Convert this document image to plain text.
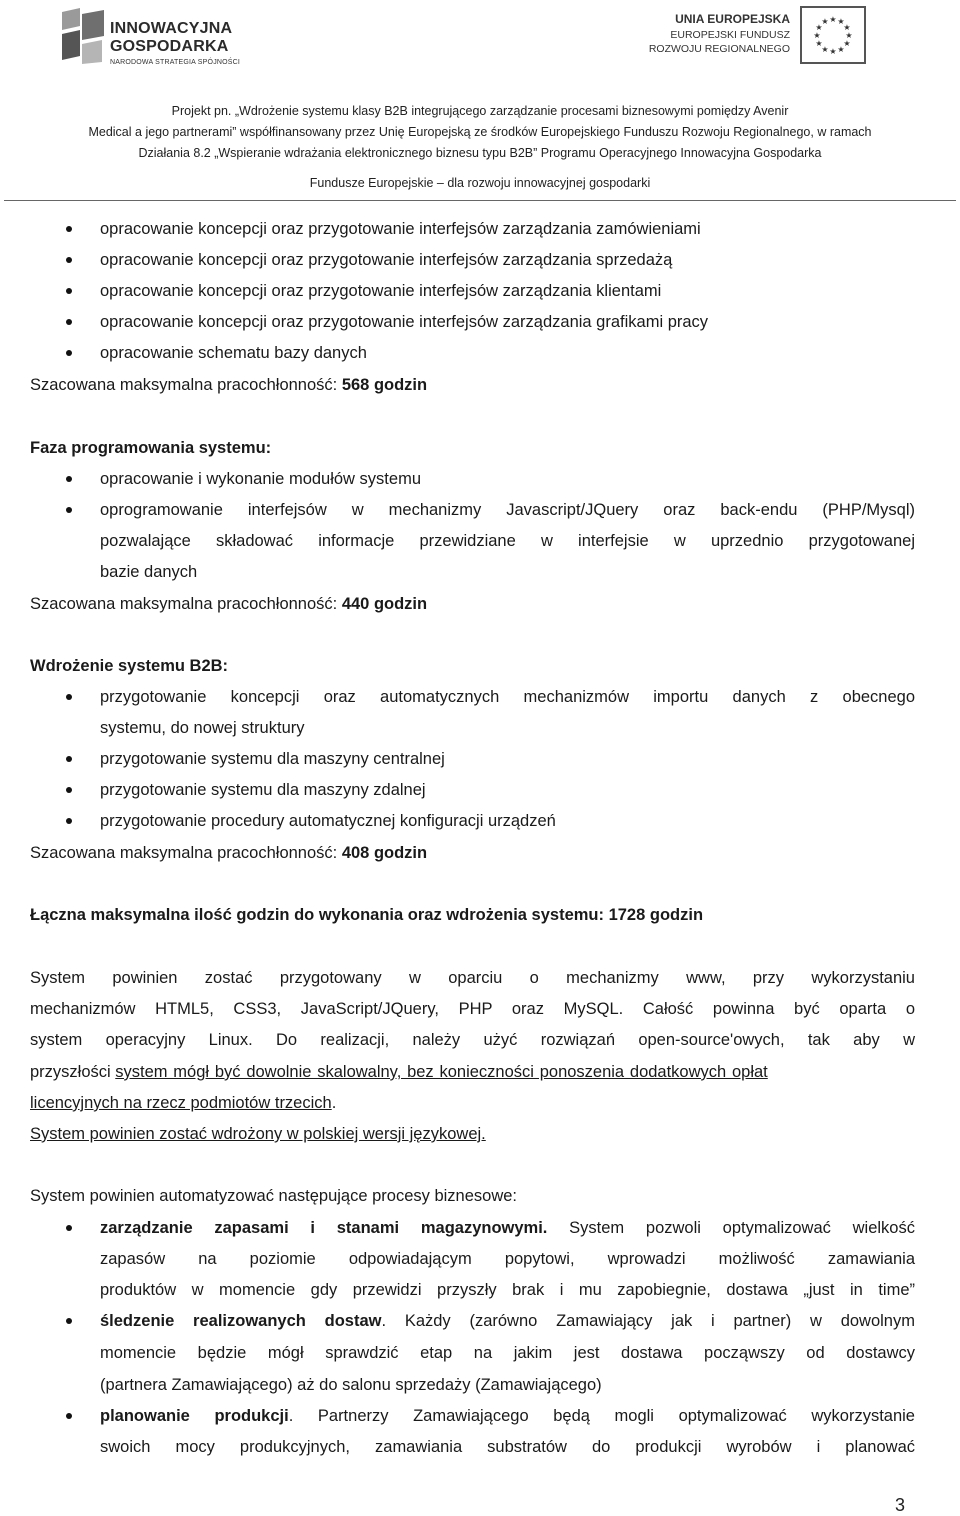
INNOWACYJNA
GOSPODARKA
NARODOWA STRATEGIA SPÓJNOŚCI
UNIA EUROPEJSKA
EUROPEJSKI FUNDUSZ
ROZWOJU REGIONALNEGO
★ ★
★
★
★
★
★
★
★
★
★
★
Projekt pn. „Wdrożenie systemu klasy B2B integrującego zarządzanie procesami biznesowymi pomiędzy Avenir
Medical a jego partnerami” współfinansowany przez Unię Europejską ze środków Europejskiego Funduszu Rozwoju Regionalnego, w ramach
Działania 8.2 „Wspieranie wdrażania elektronicznego biznesu typu B2B” Programu Operacyjnego Innowacyjna Gospodarka
Fundusze Europejskie – dla rozwoju innowacyjnej gospodarki
opracowanie koncepcji oraz przygotowanie interfejsów zarządzania zamówieniami
opracowanie koncepcji oraz przygotowanie interfejsów zarządzania sprzedażą
opracowanie koncepcji oraz przygotowanie interfejsów zarządzania klientami
opracowanie koncepcji oraz przygotowanie interfejsów zarządzania grafikami pracy
opracowanie schematu bazy danych
Szacowana maksymalna pracochłonność: 568 godzin
Faza programowania systemu:
opracowanie i wykonanie modułów systemu
oprogramowanie interfejsów w mechanizmy Javascript/JQuery oraz back-endu (PHP/Mysql)
pozwalające składować informacje przewidziane w interfejsie w uprzednio przygotowanej
bazie danych
Szacowana maksymalna pracochłonność: 440 godzin
Wdrożenie systemu B2B:
przygotowanie koncepcji oraz automatycznych mechanizmów importu danych z obecnego
systemu, do nowej struktury
przygotowanie systemu dla maszyny centralnej
przygotowanie systemu dla maszyny zdalnej
przygotowanie procedury automatycznej konfiguracji urządzeń
Szacowana maksymalna pracochłonność: 408 godzin
Łączna maksymalna ilość godzin do wykonania oraz wdrożenia systemu: 1728 godzin
System powinien zostać przygotowany w oparciu o mechanizmy www, przy wykorzystaniu
mechanizmów HTML5, CSS3, JavaScript/JQuery, PHP oraz MySQL. Całość powinna być oparta o
system operacyjny Linux. Do realizacji, należy użyć rozwiązań open-source'owych, tak aby w
przyszłości system mógł być dowolnie skalowalny, bez konieczności ponoszenia dodatkowych opłat
licencyjnych na rzecz podmiotów trzecich.
System powinien zostać wdrożony w polskiej wersji językowej.
System powinien automatyzować następujące procesy biznesowe:
zarządzanie zapasami i stanami magazynowymi. System pozwoli optymalizować wielkość
zapasów na poziomie odpowiadającym popytowi, wprowadzi możliwość zamawiania
produktów w momencie gdy przewidzi przyszły brak i mu zapobiegnie, dostawa „just in time”
śledzenie realizowanych dostaw. Każdy (zarówno Zamawiający jak i partner) w dowolnym
momencie będzie mógł sprawdzić etap na jakim jest dostawa począwszy od dostawcy
(partnera Zamawiającego) aż do salonu sprzedaży (Zamawiającego)
planowanie produkcji. Partnerzy Zamawiającego będą mogli optymalizować wykorzystanie
swoich mocy produkcyjnych, zamawiania substratów do produkcji wyrobów i planować
3
